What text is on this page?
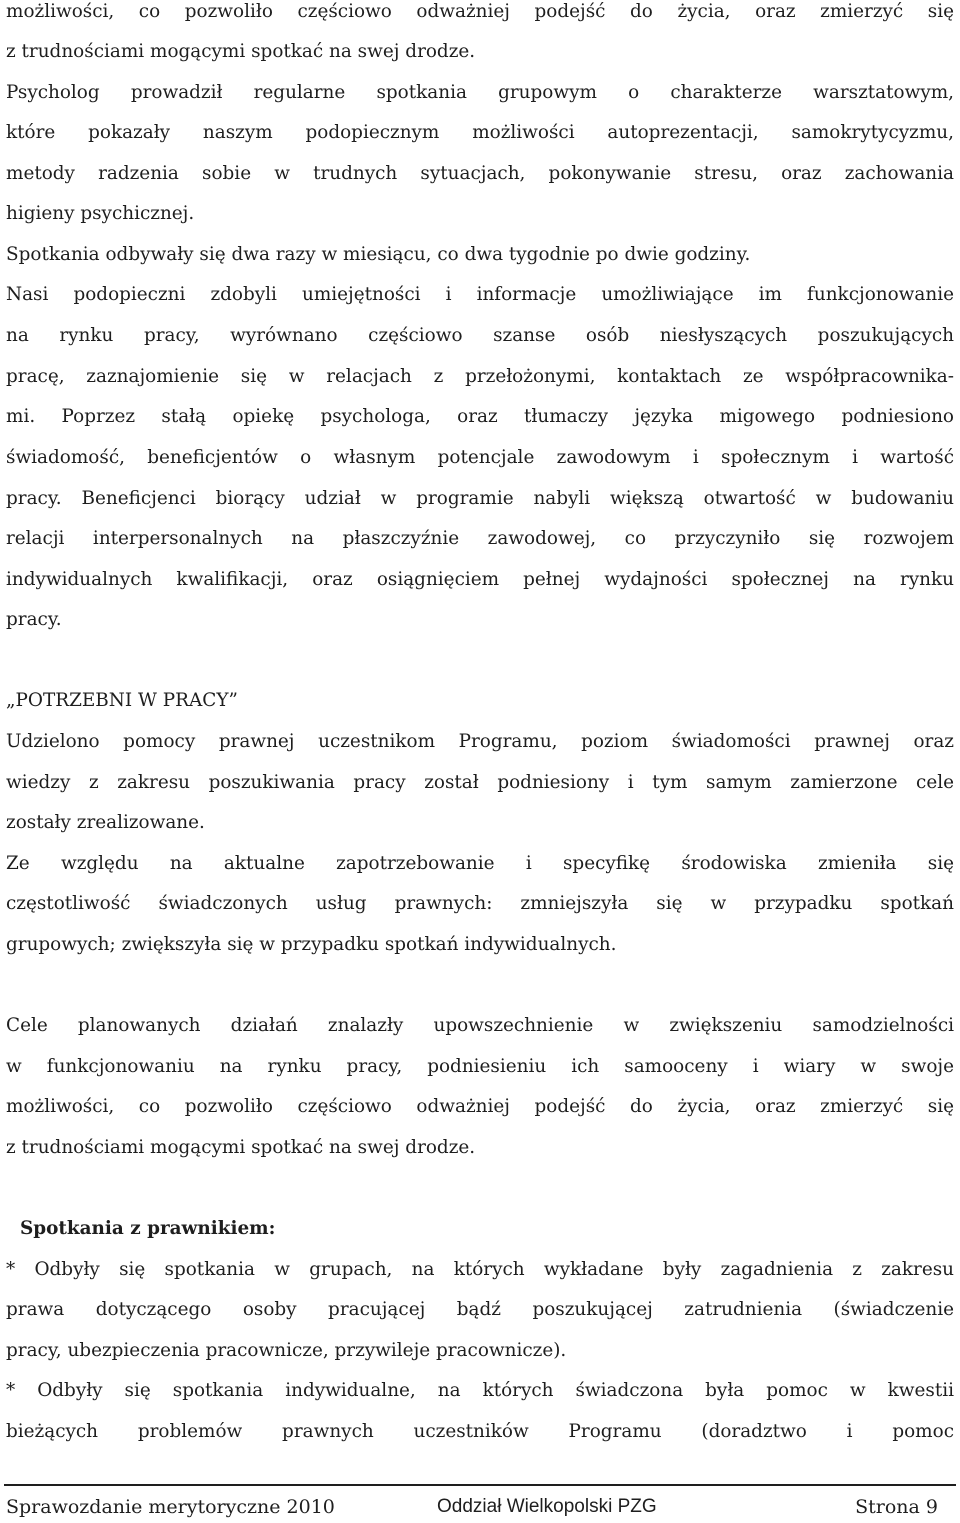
możliwości, co pozwoliło częściowo odważniej podejść do życia, oraz zmierzyć się
z trudnościami mogącymi spotkać na swej drodze.
Psycholog prowadził regularne spotkania grupowym o charakterze warsztatowym,
które pokazały naszym podopiecznym możliwości autoprezentacji, samokrytycyzmu,
metody radzenia sobie w trudnych sytuacjach, pokonywanie stresu, oraz zachowania
higieny psychicznej.
Spotkania odbywały się dwa razy w miesiącu, co dwa tygodnie po dwie godziny.
Nasi podopieczni zdobyli umiejętności i informacje umożliwiające im funkcjonowanie
na rynku pracy, wyrównano częściowo szanse osób niesłyszących poszukujących
pracę, zaznajomienie się w relacjach z przełożonymi, kontaktach ze współpracownika-
mi. Poprzez stałą opiekę psychologa, oraz tłumaczy języka migowego podniesiono
świadomość, beneficjentów o własnym potencjale zawodowym i społecznym i wartość
pracy. Beneficjenci biorący udział w programie nabyli większą otwartość w budowaniu
relacji interpersonalnych na płaszczyźnie zawodowej, co przyczyniło się rozwojem
indywidualnych kwalifikacji, oraz osiągnięciem pełnej wydajności społecznej na rynku
pracy.
„POTRZEBNI W PRACY”
Udzielono pomocy prawnej uczestnikom Programu, poziom świadomości prawnej oraz
wiedzy z zakresu poszukiwania pracy został podniesiony i tym samym zamierzone cele
zostały zrealizowane.
Ze względu na aktualne zapotrzebowanie i specyfikę środowiska zmieniła się
częstotliwość świadczonych usług prawnych: zmniejszyła się w przypadku spotkań
grupowych; zwiększyła się w przypadku spotkań indywidualnych.
Cele planowanych działań znalazły upowszechnienie w zwiększeniu samodzielności
w funkcjonowaniu na rynku pracy, podniesieniu ich samooceny i wiary w swoje
możliwości, co pozwoliło częściowo odważniej podejść do życia, oraz zmierzyć się
z trudnościami mogącymi spotkać na swej drodze.
Spotkania z prawnikiem:
* Odbyły się spotkania w grupach, na których wykładane były zagadnienia z zakresu
prawa dotyczącego osoby pracującej bądź poszukującej zatrudnienia (świadczenie
pracy, ubezpieczenia pracownicze, przywileje pracownicze).
* Odbyły się spotkania indywidualne, na których świadczona była pomoc w kwestii
bieżących problemów prawnych uczestników Programu (doradztwo i pomoc
Sprawozdanie merytoryczne 2010	Oddział Wielkopolski PZG	Strona 9
